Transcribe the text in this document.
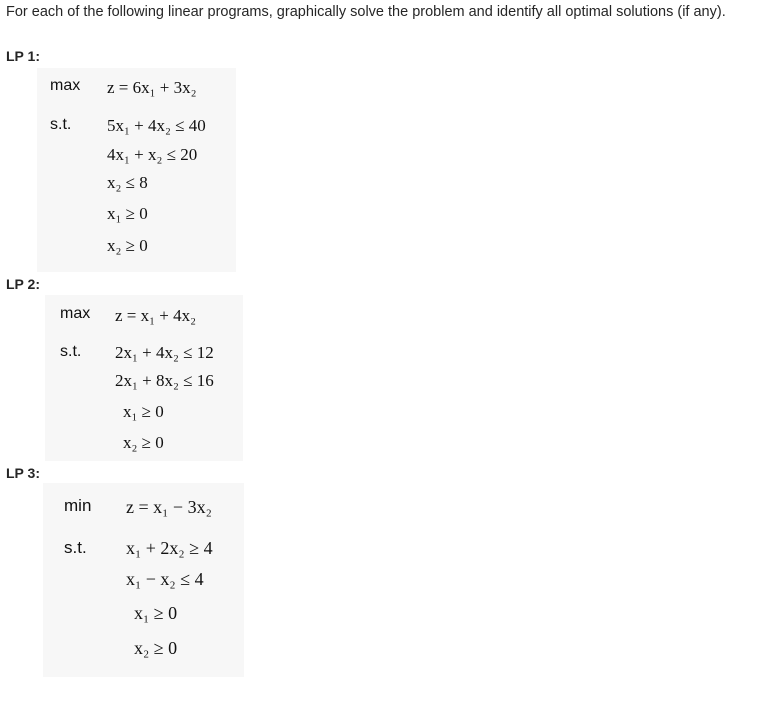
For each of the following linear programs, graphically solve the problem and identify all optimal solutions (if any).
LP 1:
max z = 6x₁ + 3x₂
s.t. 5x₁ + 4x₂ ≤ 40
4x₁ + x₂ ≤ 20
x₂ ≤ 8
x₁ ≥ 0
x₂ ≥ 0
LP 2:
max z = x₁ + 4x₂
s.t. 2x₁ + 4x₂ ≤ 12
2x₁ + 8x₂ ≤ 16
x₁ ≥ 0
x₂ ≥ 0
LP 3:
min z = x₁ − 3x₂
s.t. x₁ + 2x₂ ≥ 4
x₁ − x₂ ≤ 4
x₁ ≥ 0
x₂ ≥ 0
